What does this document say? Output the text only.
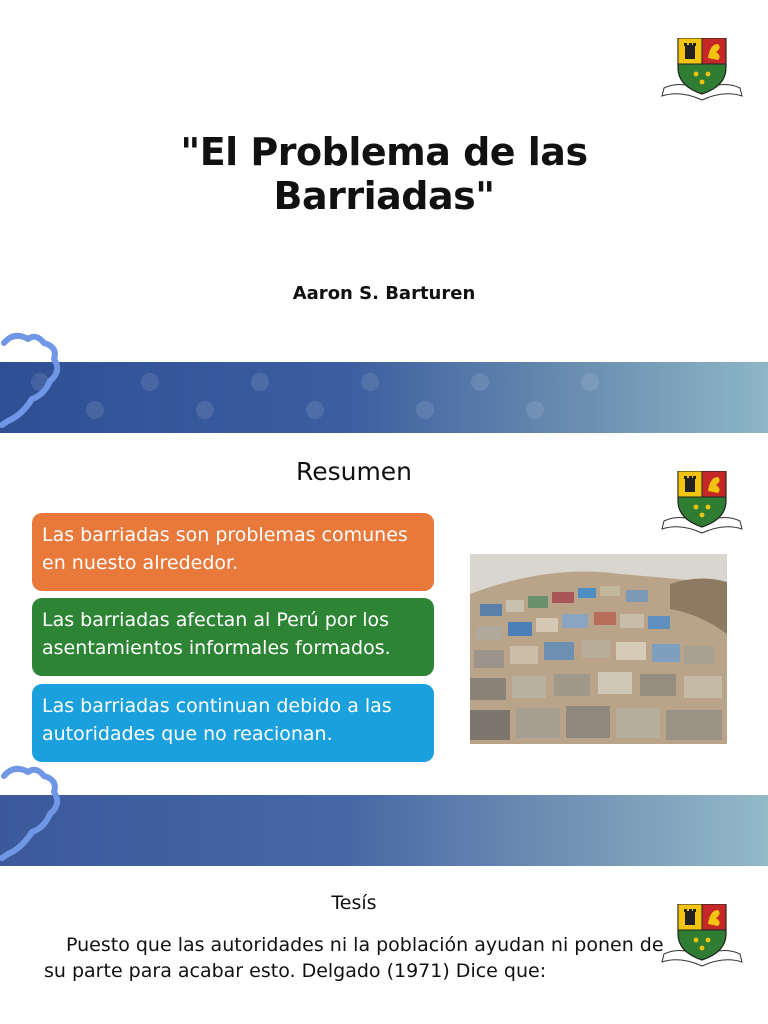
"El Problema de las Barriadas"
Aaron S. Barturen
Resumen
Las barriadas son problemas comunes en nuesto alrededor.
Las barriadas afectan al Perú por los asentamientos informales formados.
Las barriadas continuan debido a las autoridades que no reacionan.
Tesís
Puesto que las autoridades ni la población ayudan ni ponen de su parte para acabar esto. Delgado (1971) Dice que:
